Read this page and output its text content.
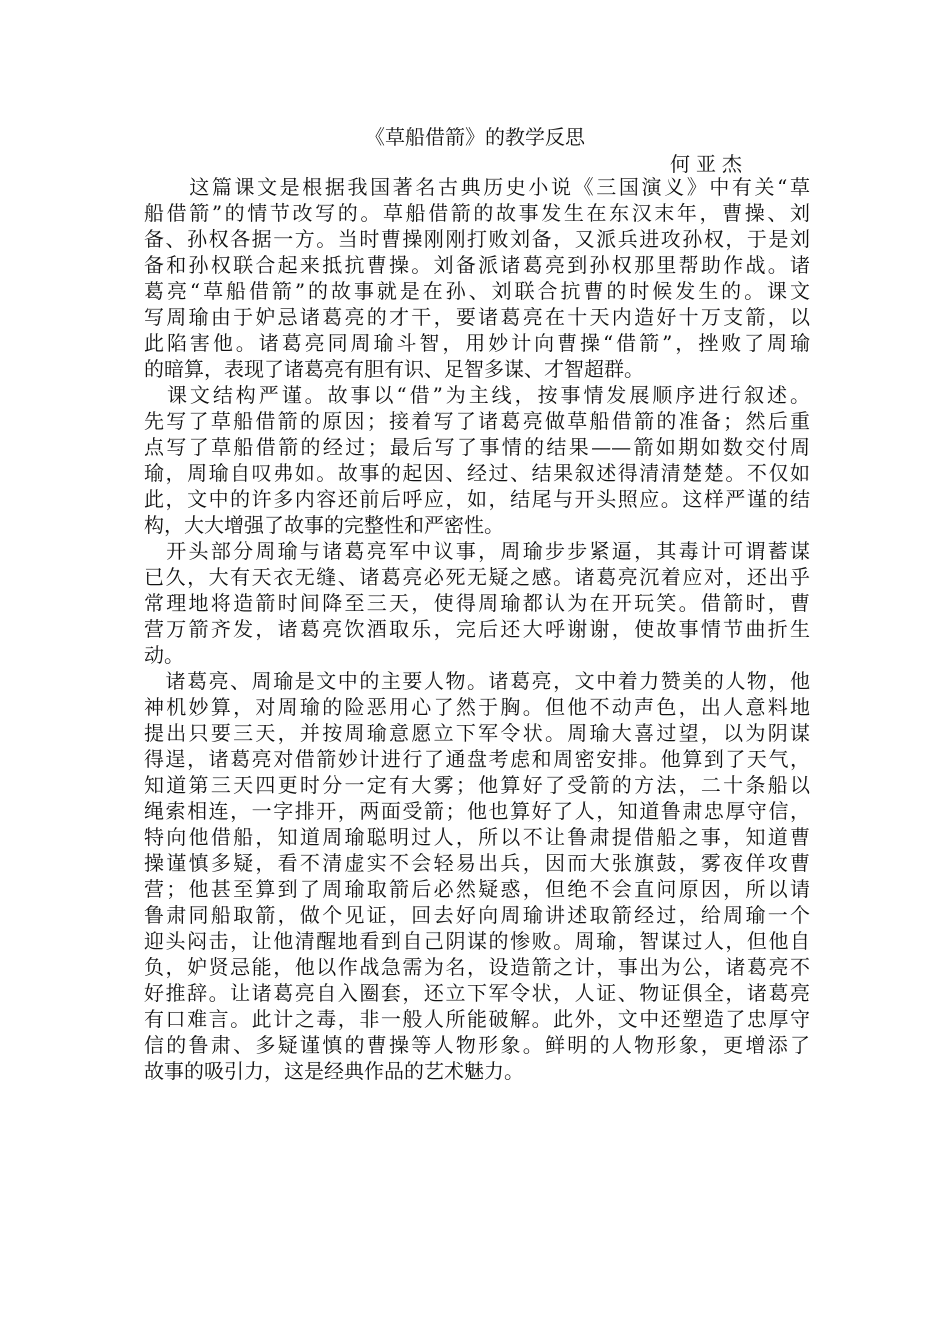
《草船借箭》的教学反思
何亚杰
　　这篇课文是根据我国著名古典历史小说《三国演义》中有关“草
船借箭”的情节改写的。草船借箭的故事发生在东汉末年，曹操、刘
备、孙权各据一方。当时曹操刚刚打败刘备，又派兵进攻孙权，于是刘
备和孙权联合起来抵抗曹操。刘备派诸葛亮到孙权那里帮助作战。诸
葛亮“草船借箭”的故事就是在孙、刘联合抗曹的时候发生的。课文
写周瑜由于妒忌诸葛亮的才干，要诸葛亮在十天内造好十万支箭，以
此陷害他。诸葛亮同周瑜斗智，用妙计向曹操“借箭”，挫败了周瑜
的暗算，表现了诸葛亮有胆有识、足智多谋、才智超群。
　课文结构严谨。故事以“借”为主线，按事情发展顺序进行叙述。
先写了草船借箭的原因；接着写了诸葛亮做草船借箭的准备；然后重
点写了草船借箭的经过；最后写了事情的结果——箭如期如数交付周
瑜，周瑜自叹弗如。故事的起因、经过、结果叙述得清清楚楚。不仅如
此，文中的许多内容还前后呼应，如，结尾与开头照应。这样严谨的结
构，大大增强了故事的完整性和严密性。
　开头部分周瑜与诸葛亮军中议事，周瑜步步紧逼，其毒计可谓蓄谋
已久，大有天衣无缝、诸葛亮必死无疑之感。诸葛亮沉着应对，还出乎
常理地将造箭时间降至三天，使得周瑜都认为在开玩笑。借箭时，曹
营万箭齐发，诸葛亮饮酒取乐，完后还大呼谢谢，使故事情节曲折生
动。
　诸葛亮、周瑜是文中的主要人物。诸葛亮，文中着力赞美的人物，他
神机妙算，对周瑜的险恶用心了然于胸。但他不动声色，出人意料地
提出只要三天，并按周瑜意愿立下军令状。周瑜大喜过望，以为阴谋
得逞，诸葛亮对借箭妙计进行了通盘考虑和周密安排。他算到了天气，
知道第三天四更时分一定有大雾；他算好了受箭的方法，二十条船以
绳索相连，一字排开，两面受箭；他也算好了人，知道鲁肃忠厚守信，
特向他借船，知道周瑜聪明过人，所以不让鲁肃提借船之事，知道曹
操谨慎多疑，看不清虚实不会轻易出兵，因而大张旗鼓，雾夜佯攻曹
营；他甚至算到了周瑜取箭后必然疑惑，但绝不会直问原因，所以请
鲁肃同船取箭，做个见证，回去好向周瑜讲述取箭经过，给周瑜一个
迎头闷击，让他清醒地看到自己阴谋的惨败。周瑜，智谋过人，但他自
负，妒贤忌能，他以作战急需为名，设造箭之计，事出为公，诸葛亮不
好推辞。让诸葛亮自入圈套，还立下军令状，人证、物证俱全，诸葛亮
有口难言。此计之毒，非一般人所能破解。此外，文中还塑造了忠厚守
信的鲁肃、多疑谨慎的曹操等人物形象。鲜明的人物形象，更增添了
故事的吸引力，这是经典作品的艺术魅力。
